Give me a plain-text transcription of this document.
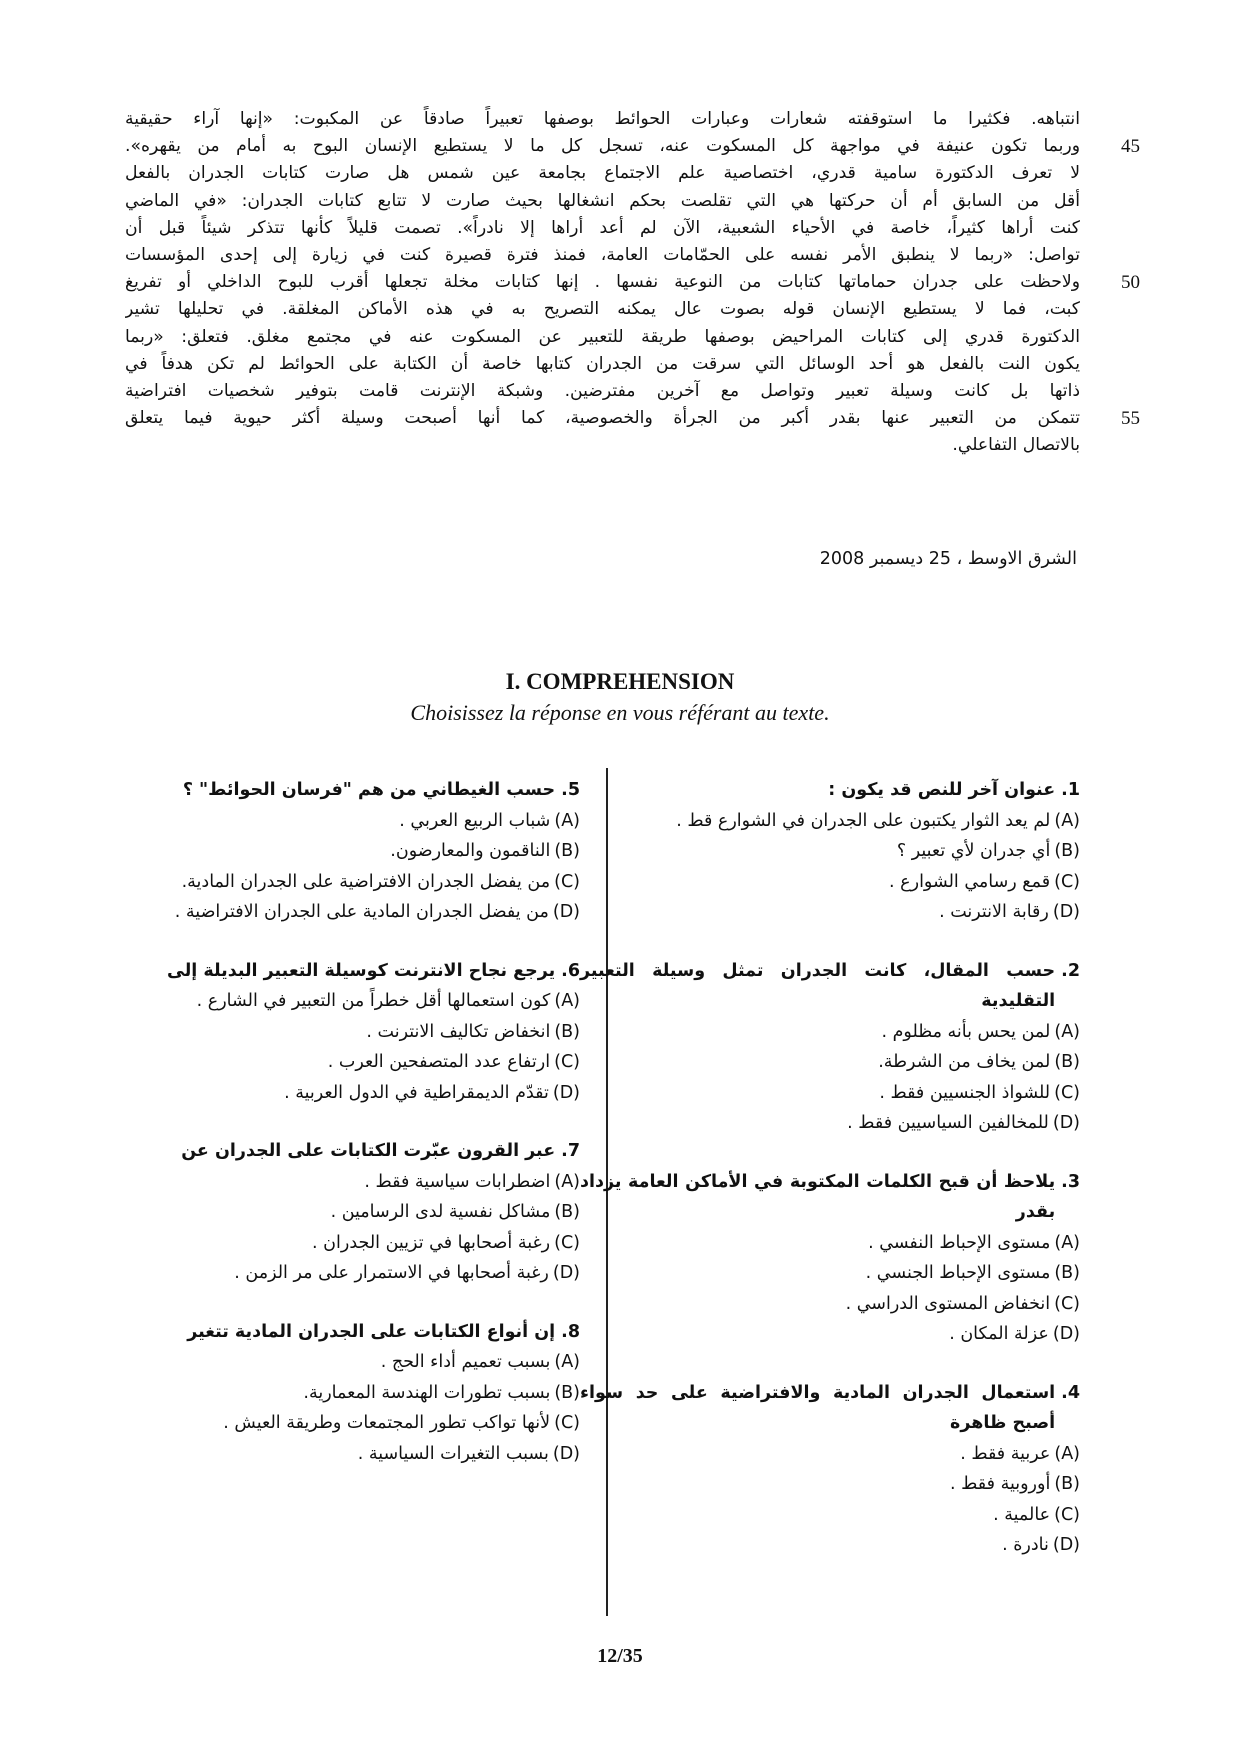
انتباهه. فكثيرا ما استوقفته شعارات وعبارات الحوائط بوصفها تعبيراً صادقاً عن المكبوت: «إنها آراء حقيقية
وربما تكون عنيفة في مواجهة كل المسكوت عنه، تسجل كل ما لا يستطيع الإنسان البوح به أمام من يقهره».	45
لا تعرف الدكتورة سامية قدري، اختصاصية علم الاجتماع بجامعة عين شمس هل صارت كتابات الجدران بالفعل
أقل من السابق أم أن حركتها هي التي تقلصت بحكم انشغالها بحيث صارت لا تتابع كتابات الجدران: «في الماضي
كنت أراها كثيراً، خاصة في الأحياء الشعبية، الآن لم أعد أراها إلا نادراً». تصمت قليلاً كأنها تتذكر شيئاً قبل أن
تواصل: «ربما لا ينطبق الأمر نفسه على الحمّامات العامة، فمنذ فترة قصيرة كنت في زيارة إلى إحدى المؤسسات
ولاحظت على جدران حماماتها كتابات من النوعية نفسها . إنها كتابات مخلة تجعلها أقرب للبوح الداخلي أو تفريغ	50
كبت، فما لا يستطيع الإنسان قوله بصوت عال يمكنه التصريح به في هذه الأماكن المغلقة. في تحليلها تشير
الدكتورة قدري إلى كتابات المراحيض بوصفها طريقة للتعبير عن المسكوت عنه في مجتمع مغلق. فتعلق: «ربما
يكون النت بالفعل هو أحد الوسائل التي سرقت من الجدران كتابها خاصة أن الكتابة على الحوائط لم تكن هدفاً في
ذاتها بل كانت وسيلة تعبير وتواصل مع آخرين مفترضين. وشبكة الإنترنت قامت بتوفير شخصيات افتراضية
تتمكن من التعبير عنها بقدر أكبر من الجرأة والخصوصية، كما أنها أصبحت وسيلة أكثر حيوية فيما يتعلق	55
بالاتصال التفاعلي.
الشرق الاوسط ، 25 ديسمبر 2008
I. COMPREHENSION
Choisissez la réponse en vous référant au texte.
1.
عنوان آخر للنص قد يكون :
(A)
لم يعد الثوار يكتبون على الجدران في الشوارع قط .
(B)
أي جدران لأي تعبير ؟
(C)
قمع رسامي الشوارع .
(D)
رقابة الانترنت .
2.
حسب المقال، كانت الجدران تمثل وسيلة التعبير التقليدية
(A)
لمن يحس بأنه مظلوم .
(B)
لمن يخاف من الشرطة.
(C)
للشواذ الجنسيين فقط .
(D)
للمخالفين السياسيين فقط .
3.
يلاحظ أن قبح الكلمات المكتوبة في الأماكن العامة يزداد بقدر
(A)
مستوى الإحباط النفسي .
(B)
مستوى الإحباط الجنسي .
(C)
انخفاض المستوى الدراسي .
(D)
عزلة المكان .
4.
استعمال الجدران المادية والافتراضية على حد سواء أصبح ظاهرة
(A)
عربية فقط .
(B)
أوروبية فقط .
(C)
عالمية .
(D)
نادرة .
5.
حسب الغيطاني من هم "فرسان الحوائط" ؟
(A)
شباب الربيع العربي .
(B)
الناقمون والمعارضون.
(C)
من يفضل الجدران الافتراضية على الجدران المادية.
(D)
من يفضل الجدران المادية على الجدران الافتراضية .
6.
يرجع نجاح الانترنت كوسيلة التعبير البديلة إلى
(A)
كون استعمالها أقل خطراً من التعبير في الشارع .
(B)
انخفاض تكاليف الانترنت .
(C)
ارتفاع عدد المتصفحين العرب .
(D)
تقدّم الديمقراطية في الدول العربية .
7.
عبر القرون عبّرت الكتابات على الجدران عن
(A)
اضطرابات سياسية فقط .
(B)
مشاكل نفسية لدى الرسامين .
(C)
رغبة أصحابها في تزيين الجدران .
(D)
رغبة أصحابها في الاستمرار على مر الزمن .
8.
إن أنواع الكتابات على الجدران المادية تتغير
(A)
بسبب تعميم أداء الحج .
(B)
بسبب تطورات الهندسة المعمارية.
(C)
لأنها تواكب تطور المجتمعات وطريقة العيش .
(D)
بسبب التغيرات السياسية .
12/35
